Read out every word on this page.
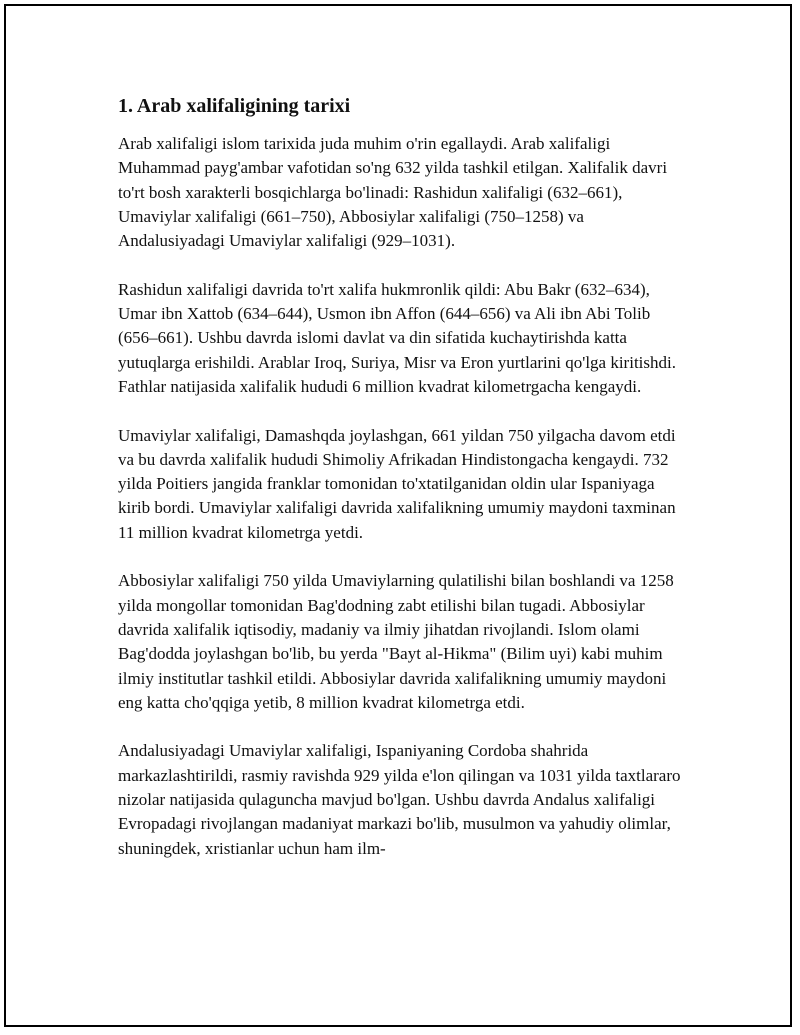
1. Arab xalifaligining tarixi

Arab xalifaligi islom tarixida juda muhim o'rin egallaydi. Arab xalifaligi Muhammad payg'ambar vafotidan so'ng 632 yilda tashkil etilgan. Xalifalik davri to'rt bosh xarakterli bosqichlarga bo'linadi: Rashidun xalifaligi (632–661), Umaviylar xalifaligi (661–750), Abbosiylar xalifaligi (750–1258) va Andalusiyadagi Umaviylar xalifaligi (929–1031).

Rashidun xalifaligi davrida to'rt xalifa hukmronlik qildi: Abu Bakr (632–634), Umar ibn Xattob (634–644), Usmon ibn Affon (644–656) va Ali ibn Abi Tolib (656–661). Ushbu davrda islomi davlat va din sifatida kuchaytirishda katta yutuqlarga erishildi. Arablar Iroq, Suriya, Misr va Eron yurtlarini qo'lga kiritishdi. Fathlar natijasida xalifalik hududi 6 million kvadrat kilometrgacha kengaydi.

Umaviylar xalifaligi, Damashqda joylashgan, 661 yildan 750 yilgacha davom etdi va bu davrda xalifalik hududi Shimoliy Afrikadan Hindistongacha kengaydi. 732 yilda Poitiers jangida franklar tomonidan to'xtatilganidan oldin ular Ispaniyaga kirib bordi. Umaviylar xalifaligi davrida xalifalikning umumiy maydoni taxminan 11 million kvadrat kilometrga yetdi.

Abbosiylar xalifaligi 750 yilda Umaviylarning qulatilishi bilan boshlandi va 1258 yilda mongollar tomonidan Bag'dodning zabt etilishi bilan tugadi. Abbosiylar davrida xalifalik iqtisodiy, madaniy va ilmiy jihatdan rivojlandi. Islom olami Bag'dodda joylashgan bo'lib, bu yerda "Bayt al-Hikma" (Bilim uyi) kabi muhim ilmiy institutlar tashkil etildi. Abbosiylar davrida xalifalikning umumiy maydoni eng katta cho'qqiga yetib, 8 million kvadrat kilometrga etdi.

Andalusiyadagi Umaviylar xalifaligi, Ispaniyaning Cordoba shahrida markazlashtirildi, rasmiy ravishda 929 yilda e'lon qilingan va 1031 yilda taxtlararo nizolar natijasida qulaguncha mavjud bo'lgan. Ushbu davrda Andalus xalifaligi Evropadagi rivojlangan madaniyat markazi bo'lib, musulmon va yahudiy olimlar, shuningdek, xristianlar uchun ham ilm-
